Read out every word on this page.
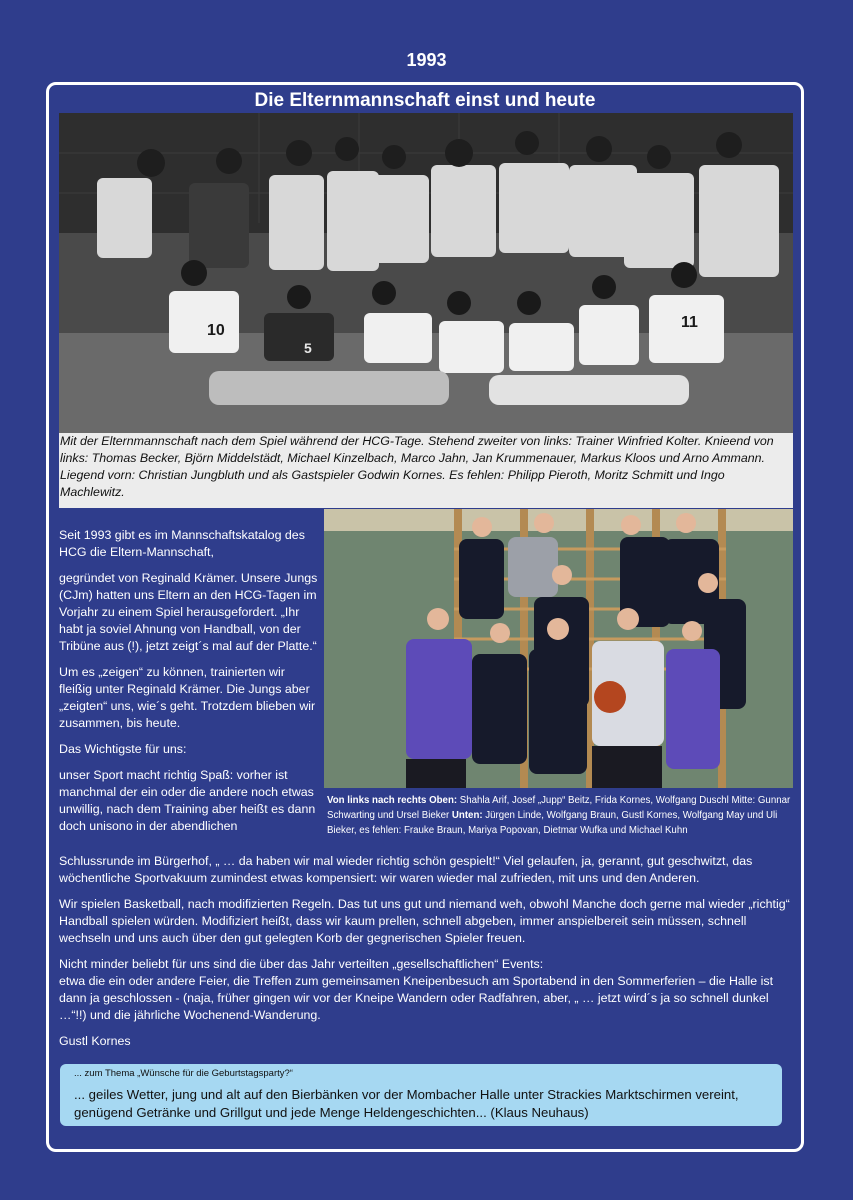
1993
Die Elternmannschaft einst und heute
10
5
11
Mit der Elternmannschaft nach dem Spiel während der HCG-Tage. Stehend zweiter von links: Trainer Winfried Kolter. Knieend von links: Thomas Becker, Björn Middelstädt, Michael Kinzelbach, Marco Jahn, Jan Krummenauer, Markus Kloos und Arno Ammann. Liegend vorn: Christian Jungbluth und als Gastspieler Godwin Kornes. Es fehlen: Philipp Pieroth, Moritz Schmitt und Ingo Machlewitz.
Von links nach rechts Oben: Shahla Arif, Josef „Jupp“ Beitz, Frida Kornes, Wolfgang Duschl Mitte: Gunnar Schwarting und Ursel Bieker Unten: Jürgen Linde, Wolfgang Braun, Gustl Kornes, Wolfgang May und Uli Bieker, es fehlen: Frauke Braun, Mariya Popovan, Dietmar Wufka und Michael Kuhn

Seit 1993 gibt es im Mannschaftskatalog des HCG die Eltern-Mannschaft,

gegründet von Reginald Krämer. Unsere Jungs (CJm) hatten uns Eltern an den HCG-Tagen im Vorjahr zu einem Spiel herausgefordert. „Ihr habt ja soviel Ahnung von Handball, von der Tribüne aus (!), jetzt zeigt´s mal auf der Platte.“

Um es „zeigen“ zu können, trainierten wir fleißig unter Reginald Krämer. Die Jungs aber „zeigten“ uns, wie´s geht. Trotzdem blieben wir zusammen, bis heute.

Das Wichtigste für uns:

unser Sport macht richtig Spaß: vorher ist manchmal der ein oder die andere noch etwas unwillig, nach dem Training aber heißt es dann doch unisono in der abendlichen

Schlussrunde im Bürgerhof, „ … da haben wir mal wieder richtig schön gespielt!“ Viel gelaufen, ja, gerannt, gut geschwitzt, das wöchentliche Sportvakuum zumindest etwas kompensiert: wir waren wieder mal zufrieden, mit uns und den Anderen.

Wir spielen Basketball, nach modifizierten Regeln. Das tut uns gut und niemand weh, obwohl Manche doch gerne mal wieder „richtig“ Handball spielen würden. Modifiziert heißt, dass wir kaum prellen, schnell abgeben, immer anspielbereit sein müssen, schnell wechseln und uns auch über den gut gelegten Korb der gegnerischen Spieler freuen.

Nicht minder beliebt für uns sind die über das Jahr verteilten „gesellschaftlichen“ Events:

etwa die ein oder andere Feier, die Treffen zum gemeinsamen Kneipenbesuch am Sportabend in den Sommerferien – die Halle ist dann ja geschlossen - (naja, früher gingen wir vor der Kneipe Wandern oder Radfahren, aber, „ … jetzt wird´s ja so schnell dunkel …“!!) und die jährliche Wochenend-Wanderung.

Gustl Kornes

... zum Thema „Wünsche für die Geburtstagsparty?“
... geiles Wetter, jung und alt auf den Bierbänken vor der Mombacher Halle unter Strackies Marktschirmen vereint, genügend Getränke und Grillgut und jede Menge Heldengeschichten... (Klaus Neuhaus)
